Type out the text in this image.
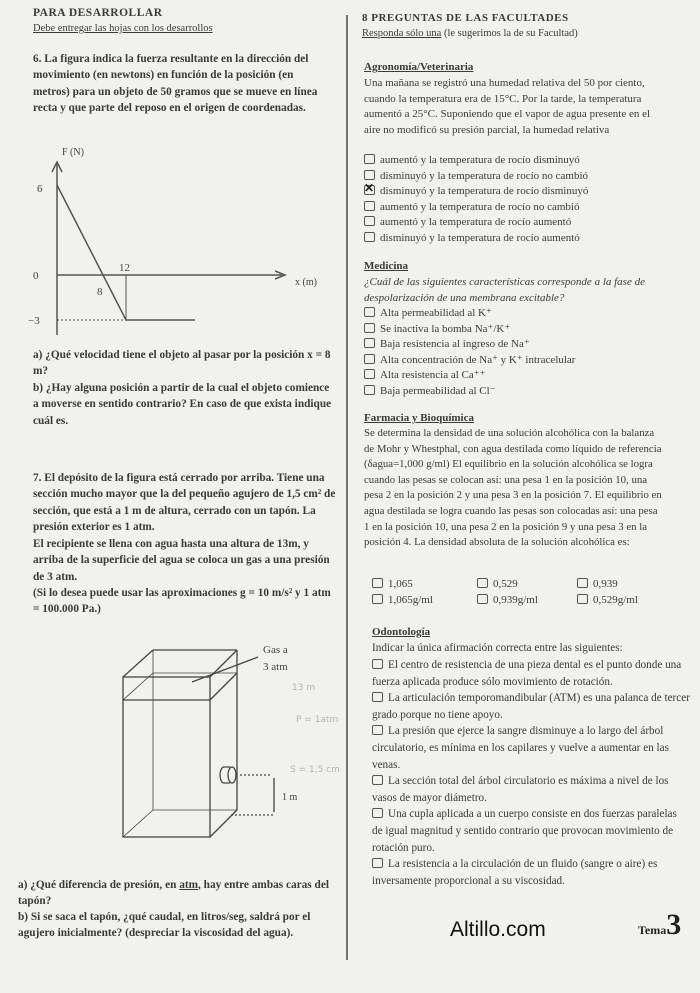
PARA DESARROLLAR
Debe entregar las hojas con los desarrollos
6. La figura indica la fuerza resultante en la dirección del movimiento (en newtons) en función de la posición (en metros) para un objeto de 50 gramos que se mueve en línea recta y que parte del reposo en el origen de coordenadas.
F (N)
x (m)
6
0
−3
12
8
a) ¿Qué velocidad tiene el objeto al pasar por la posición x = 8 m?
b) ¿Hay alguna posición a partir de la cual el objeto comience a moverse en sentido contrario? En caso de que exista indique cuál es.
7. El depósito de la figura está cerrado por arriba. Tiene una sección mucho mayor que la del pequeño agujero de 1,5 cm² de sección, que está a 1 m de altura, cerrado con un tapón. La presión exterior es 1 atm.
El recipiente se llena con agua hasta una altura de 13m, y arriba de la superficie del agua se coloca un gas a una presión de 3 atm.
(Si lo desea puede usar las aproximaciones g = 10 m/s² y 1 atm = 100.000 Pa.)
Gas a
3 atm
1 m
13 m
P = 1atm
S = 1,5 cm
a) ¿Qué diferencia de presión, en atm, hay entre ambas caras del tapón?
b) Si se saca el tapón, ¿qué caudal, en litros/seg, saldrá por el agujero inicialmente? (despreciar la viscosidad del agua).
8 PREGUNTAS DE LAS FACULTADES
Responda sólo una (le sugerimos la de su Facultad)
Agronomía/Veterinaria
Una mañana se registró una humedad relativa del 50 por ciento, cuando la temperatura era de 15°C. Por la tarde, la temperatura aumentó a 25°C. Suponiendo que el vapor de agua presente en el aire no modificó su presión parcial, la humedad relativa
aumentó y la temperatura de rocío disminuyó
disminuyó y la temperatura de rocío no cambió
✕disminuyó y la temperatura de rocío disminuyó
aumentó y la temperatura de rocío no cambió
aumentó y la temperatura de rocío aumentó
disminuyó y la temperatura de rocío aumentó
Medicina
¿Cuál de las siguientes características corresponde a la fase de despolarización de una membrana excitable?
Alta permeabilidad al K⁺
Se inactiva la bomba Na⁺/K⁺
Baja resistencia al ingreso de Na⁺
Alta concentración de Na⁺ y K⁺ intracelular
Alta resistencia al Ca⁺⁺
Baja permeabilidad al Cl⁻
Farmacia y Bioquímica
Se determina la densidad de una solución alcohólica con la balanza de Mohr y Whestphal, con agua destilada como líquido de referencia (δagua=1,000 g/ml) El equilibrio en la solución alcohólica se logra cuando las pesas se colocan así: una pesa 1 en la posición 10, una pesa 2 en la posición 2 y una pesa 3 en la posición 7. El equilibrio en agua destilada se logra cuando las pesas son colocadas así: una pesa 1 en la posición 10, una pesa 2 en la posición 9 y una pesa 3 en la posición 4. La densidad absoluta de la solución alcohólica es:
1,065	0,529	0,939
1,065g/ml	0,939g/ml	0,529g/ml
Odontología
Indicar la única afirmación correcta entre las siguientes:
El centro de resistencia de una pieza dental es el punto donde una fuerza aplicada produce sólo movimiento de rotación.
La articulación temporomandibular (ATM) es una palanca de tercer grado porque no tiene apoyo.
La presión que ejerce la sangre disminuye a lo largo del árbol circulatorio, es mínima en los capilares y vuelve a aumentar en las venas.
La sección total del árbol circulatorio es máxima a nivel de los vasos de mayor diámetro.
Una cupla aplicada a un cuerpo consiste en dos fuerzas paralelas de igual magnitud y sentido contrario que provocan movimiento de rotación puro.
La resistencia a la circulación de un fluido (sangre o aire) es inversamente proporcional a su viscosidad.
Altillo.com	Tema3
